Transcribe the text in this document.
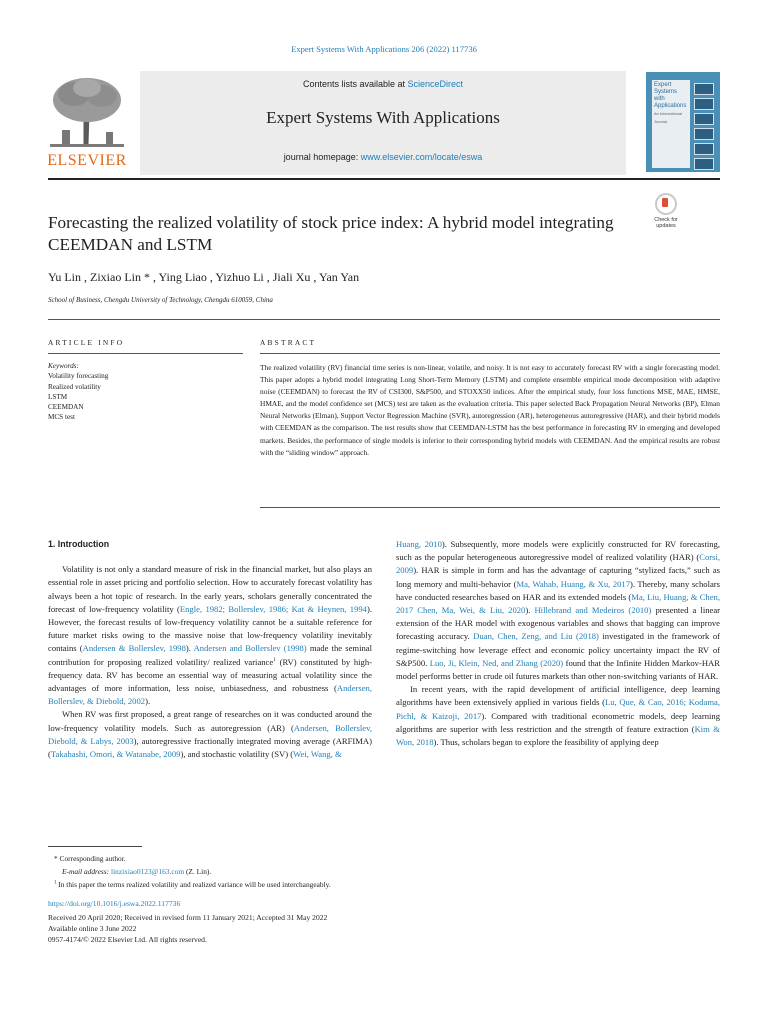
Expert Systems With Applications 206 (2022) 117736
Contents lists available at ScienceDirect
Expert Systems With Applications
journal homepage: www.elsevier.com/locate/eswa
ELSEVIER
Expert Systems with Applications
An International Journal
Forecasting the realized volatility of stock price index: A hybrid model integrating CEEMDAN and LSTM
Check for updates
Yu Lin , Zixiao Lin * , Ying Liao , Yizhuo Li , Jiali Xu , Yan Yan
School of Business, Chengdu University of Technology, Chengdu 610059, China
ARTICLE INFO	ABSTRACT
Keywords:
Volatility forecasting
Realized volatility
LSTM
CEEMDAN
MCS test
The realized volatility (RV) financial time series is non-linear, volatile, and noisy. It is not easy to accurately forecast RV with a single forecasting model. This paper adopts a hybrid model integrating Long Short-Term Memory (LSTM) and complete ensemble empirical mode decomposition with adaptive noise (CEEMDAN) to forecast the RV of CSI300, S&P500, and STOXX50 indices. After the empirical study, four loss functions MSE, MAE, HMSE, HMAE, and the model confidence set (MCS) test are taken as the evaluation criteria. This paper selected Back Propagation Neural Networks (BP), Elman Neural Networks (Elman), Support Vector Regression Machine (SVR), autoregression (AR), heterogeneous autoregressive (HAR), and their hybrid models with CEEMDAN as the comparison. The test results show that CEEMDAN-LSTM has the best performance in forecasting RV in emerging and developed markets. Besides, the performance of single models is inferior to their corresponding hybrid models with CEEMDAN. And the empirical results are robust with the “sliding window” approach.
1. Introduction

Volatility is not only a standard measure of risk in the financial market, but also plays an essential role in asset pricing and portfolio selection. How to accurately forecast volatility has always been a hot topic of research. In the early years, scholars generally concentrated the forecast of low-frequency volatility (Engle, 1982; Bollerslev, 1986; Kat & Heynen, 1994). However, the forecast results of low-frequency volatility cannot be a suitable reference for future market risks owing to the massive noise that low-frequency volatility inevitably contains (Andersen & Bollerslev, 1998). Andersen and Bollerslev (1998) made the seminal contribution for proposing realized volatility/ realized variance$^1$ (RV) constituted by high-frequency data. RV has become an essential way of measuring actual volatility since the advantages of more information, less noise, unbiasedness, and robustness (Andersen, Bollerslev, & Diebold, 2002).

When RV was first proposed, a great range of researches on it was conducted around the low-frequency volatility models. Such as autoregression (AR) (Andersen, Bollerslev, Diebold, & Labys, 2003), autoregressive fractionally integrated moving average (ARFIMA) (Takahashi, Omori, & Watanabe, 2009), and stochastic volatility (SV) (Wei, Wang, &

Huang, 2010). Subsequently, more models were explicitly constructed for RV forecasting, such as the popular heterogeneous autoregressive model of realized volatility (HAR) (Corsi, 2009). HAR is simple in form and has the advantage of capturing “stylized facts,” such as long memory and multi-behavior (Ma, Wahab, Huang, & Xu, 2017). Thereby, many scholars have conducted researches based on HAR and its extended models (Ma, Liu, Huang, & Chen, 2017 Chen, Ma, Wei, & Liu, 2020). Hillebrand and Medeiros (2010) presented a linear extension of the HAR model with exogenous variables and shows that bagging can improve forecasting accuracy. Duan, Chen, Zeng, and Liu (2018) investigated in the framework of regime-switching how leverage effect and economic policy uncertainty impact the RV of S&P500. Luo, Ji, Klein, Ned, and Zhang (2020) found that the Infinite Hidden Markov-HAR model performs better in crude oil futures markets than other non-switching variants of HAR.

In recent years, with the rapid development of artificial intelligence, deep learning algorithms have been extensively applied in various fields (Lu, Que, & Cao, 2016; Kodama, Pichl, & Kaizoji, 2017). Compared with traditional econometric models, deep learning algorithms are superior with less restriction and the strength of feature extraction (Kim & Won, 2018). Thus, scholars began to explore the feasibility of applying deep

* Corresponding author.
E-mail address: linzixiao0123@163.com (Z. Lin).
$^1$ In this paper the terms realized volatility and realized variance will be used interchangeably.
https://doi.org/10.1016/j.eswa.2022.117736
Received 20 April 2020; Received in revised form 11 January 2021; Accepted 31 May 2022
Available online 3 June 2022
0957-4174/© 2022 Elsevier Ltd. All rights reserved.
